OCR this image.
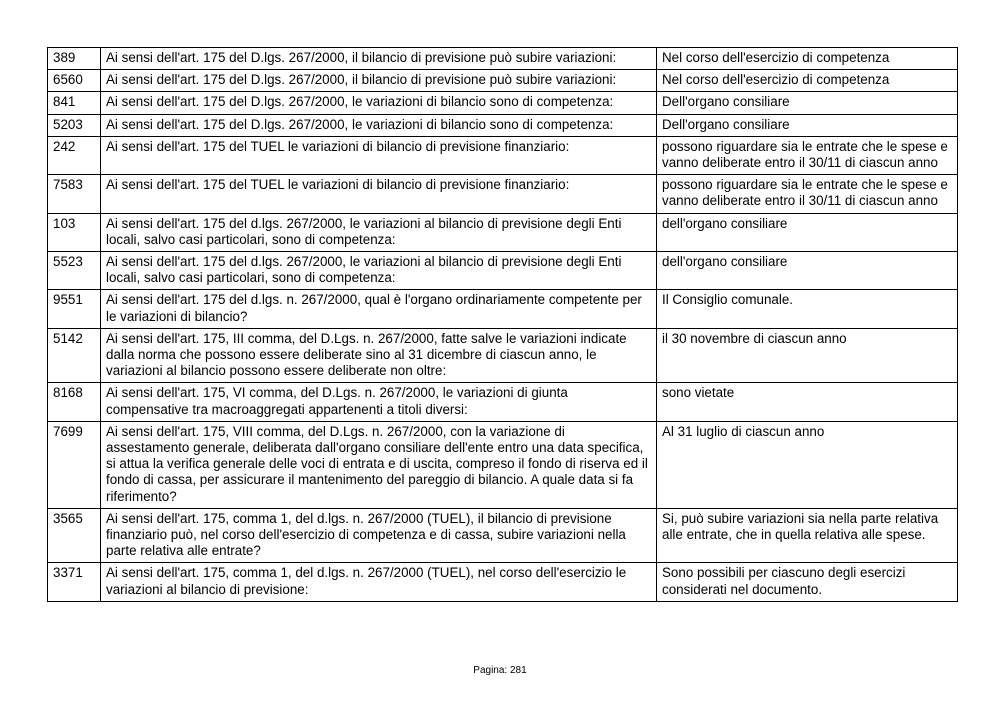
389	Ai sensi dell'art. 175 del D.lgs. 267/2000, il bilancio di previsione può subire variazioni:	Nel corso dell'esercizio di competenza
6560	Ai sensi dell'art. 175 del D.lgs. 267/2000, il bilancio di previsione può subire variazioni:	Nel corso dell'esercizio di competenza
841	Ai sensi dell'art. 175 del D.lgs. 267/2000, le variazioni di bilancio sono di competenza:	Dell'organo consiliare
5203	Ai sensi dell'art. 175 del D.lgs. 267/2000, le variazioni di bilancio sono di competenza:	Dell'organo consiliare
242	Ai sensi dell'art. 175 del TUEL le variazioni di bilancio di previsione finanziario:	possono riguardare sia le entrate che le spese e vanno deliberate entro il 30/11 di ciascun anno
7583	Ai sensi dell'art. 175 del TUEL le variazioni di bilancio di previsione finanziario:	possono riguardare sia le entrate che le spese e vanno deliberate entro il 30/11 di ciascun anno
103	Ai sensi dell'art. 175 del d.lgs. 267/2000, le variazioni al bilancio di previsione degli Enti locali, salvo casi particolari, sono di competenza:	dell'organo consiliare
5523	Ai sensi dell'art. 175 del d.lgs. 267/2000, le variazioni al bilancio di previsione degli Enti locali, salvo casi particolari, sono di competenza:	dell'organo consiliare
9551	Ai sensi dell'art. 175 del d.lgs. n. 267/2000, qual è l'organo ordinariamente competente per le variazioni di bilancio?	Il Consiglio comunale.
5142	Ai sensi dell'art. 175, III comma, del D.Lgs. n. 267/2000, fatte salve le variazioni indicate dalla norma che possono essere deliberate sino al 31 dicembre di ciascun anno, le variazioni al bilancio possono essere deliberate non oltre:	il 30 novembre di ciascun anno
8168	Ai sensi dell'art. 175, VI comma, del D.Lgs. n. 267/2000, le variazioni di giunta compensative tra macroaggregati appartenenti a titoli diversi:	sono vietate
7699	Ai sensi dell'art. 175, VIII comma, del D.Lgs. n. 267/2000, con la variazione di assestamento generale, deliberata dall'organo consiliare dell'ente entro una data specifica, si attua la verifica generale delle voci di entrata e di uscita, compreso il fondo di riserva ed il fondo di cassa, per assicurare il mantenimento del pareggio di bilancio. A quale data si fa riferimento?	Al 31 luglio di ciascun anno
3565	Ai sensi dell'art. 175, comma 1, del d.lgs. n. 267/2000 (TUEL), il bilancio di previsione finanziario può, nel corso dell'esercizio di competenza e di cassa, subire variazioni nella parte relativa alle entrate?	Si, può subire variazioni sia nella parte relativa alle entrate, che in quella relativa alle spese.
3371	Ai sensi dell'art. 175, comma 1, del d.lgs. n. 267/2000 (TUEL), nel corso dell'esercizio le variazioni al bilancio di previsione:	Sono possibili per ciascuno degli esercizi considerati nel documento.
Pagina: 281
